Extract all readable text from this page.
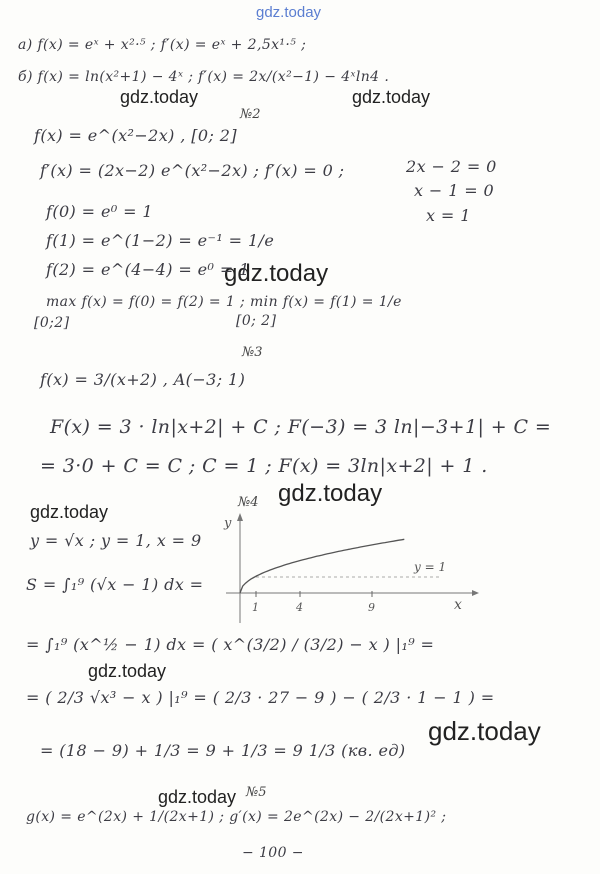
gdz.today
gdz.today	gdz.today
gdz.today
gdz.today
gdz.today
gdz.today
gdz.today
gdz.today
а) f(x) = eˣ + x²·⁵ ; f′(x) = eˣ + 2,5x¹·⁵ ;
б) f(x) = ln(x²+1) − 4ˣ ; f′(x) = 2x/(x²−1) − 4ˣln4 .
№2
f(x) = e^(x²−2x) , [0; 2]
f′(x) = (2x−2) e^(x²−2x) ; f′(x) = 0 ;	2x − 2 = 0
x − 1 = 0
x = 1
f(0) = e⁰ = 1
f(1) = e^(1−2) = e⁻¹ = 1/e
f(2) = e^(4−4) = e⁰ = 1
max f(x) = f(0) = f(2) = 1 ; min f(x) = f(1) = 1/e
[0;2]	[0; 2]
№3
f(x) = 3/(x+2) , A(−3; 1)
F(x) = 3 · ln|x+2| + C ; F(−3) = 3 ln|−3+1| + C =
= 3·0 + C = C ; C = 1 ; F(x) = 3ln|x+2| + 1 .
№4
y = √x ; y = 1, x = 9
S = ∫₁⁹ (√x − 1) dx =
y
x
y = 1
1	4	9
= ∫₁⁹ (x^½ − 1) dx = ( x^(3/2) / (3/2) − x ) |₁⁹ =
= ( 2/3 √x³ − x ) |₁⁹ = ( 2/3 · 27 − 9 ) − ( 2/3 · 1 − 1 ) =
= (18 − 9) + 1/3 = 9 + 1/3 = 9 1/3 (кв. ед)
№5
g(x) = e^(2x) + 1/(2x+1) ; g′(x) = 2e^(2x) − 2/(2x+1)² ;
− 100 −
